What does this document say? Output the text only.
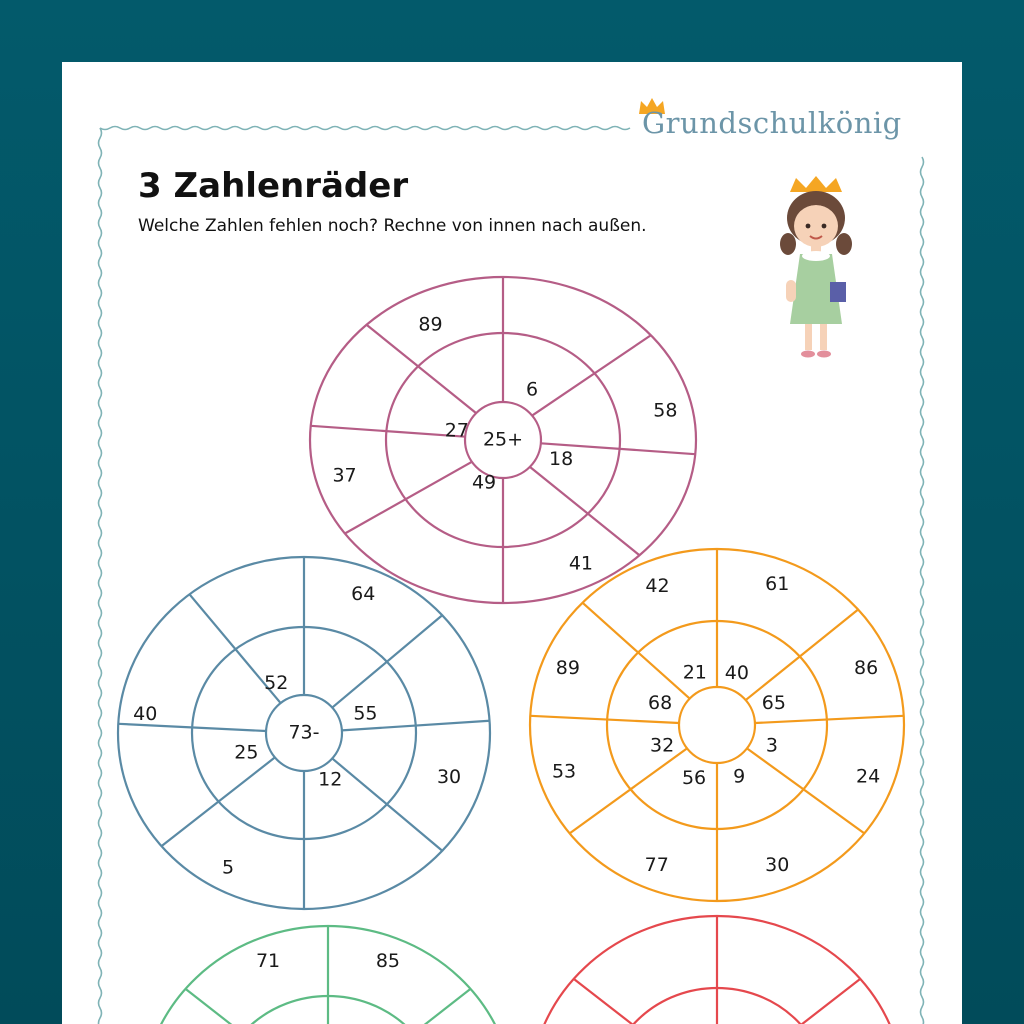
Grundschulkönig
3 Zahlenräder

Welche Zahlen fehlen noch? Rechne von innen nach außen.

25+
6
27
18
49
89
58
37
41
73-
52
55
25
12
64
40
30
5
21 40
68	65
32	3
56 9
42	61
89	86
53	24
77	30
71	85
